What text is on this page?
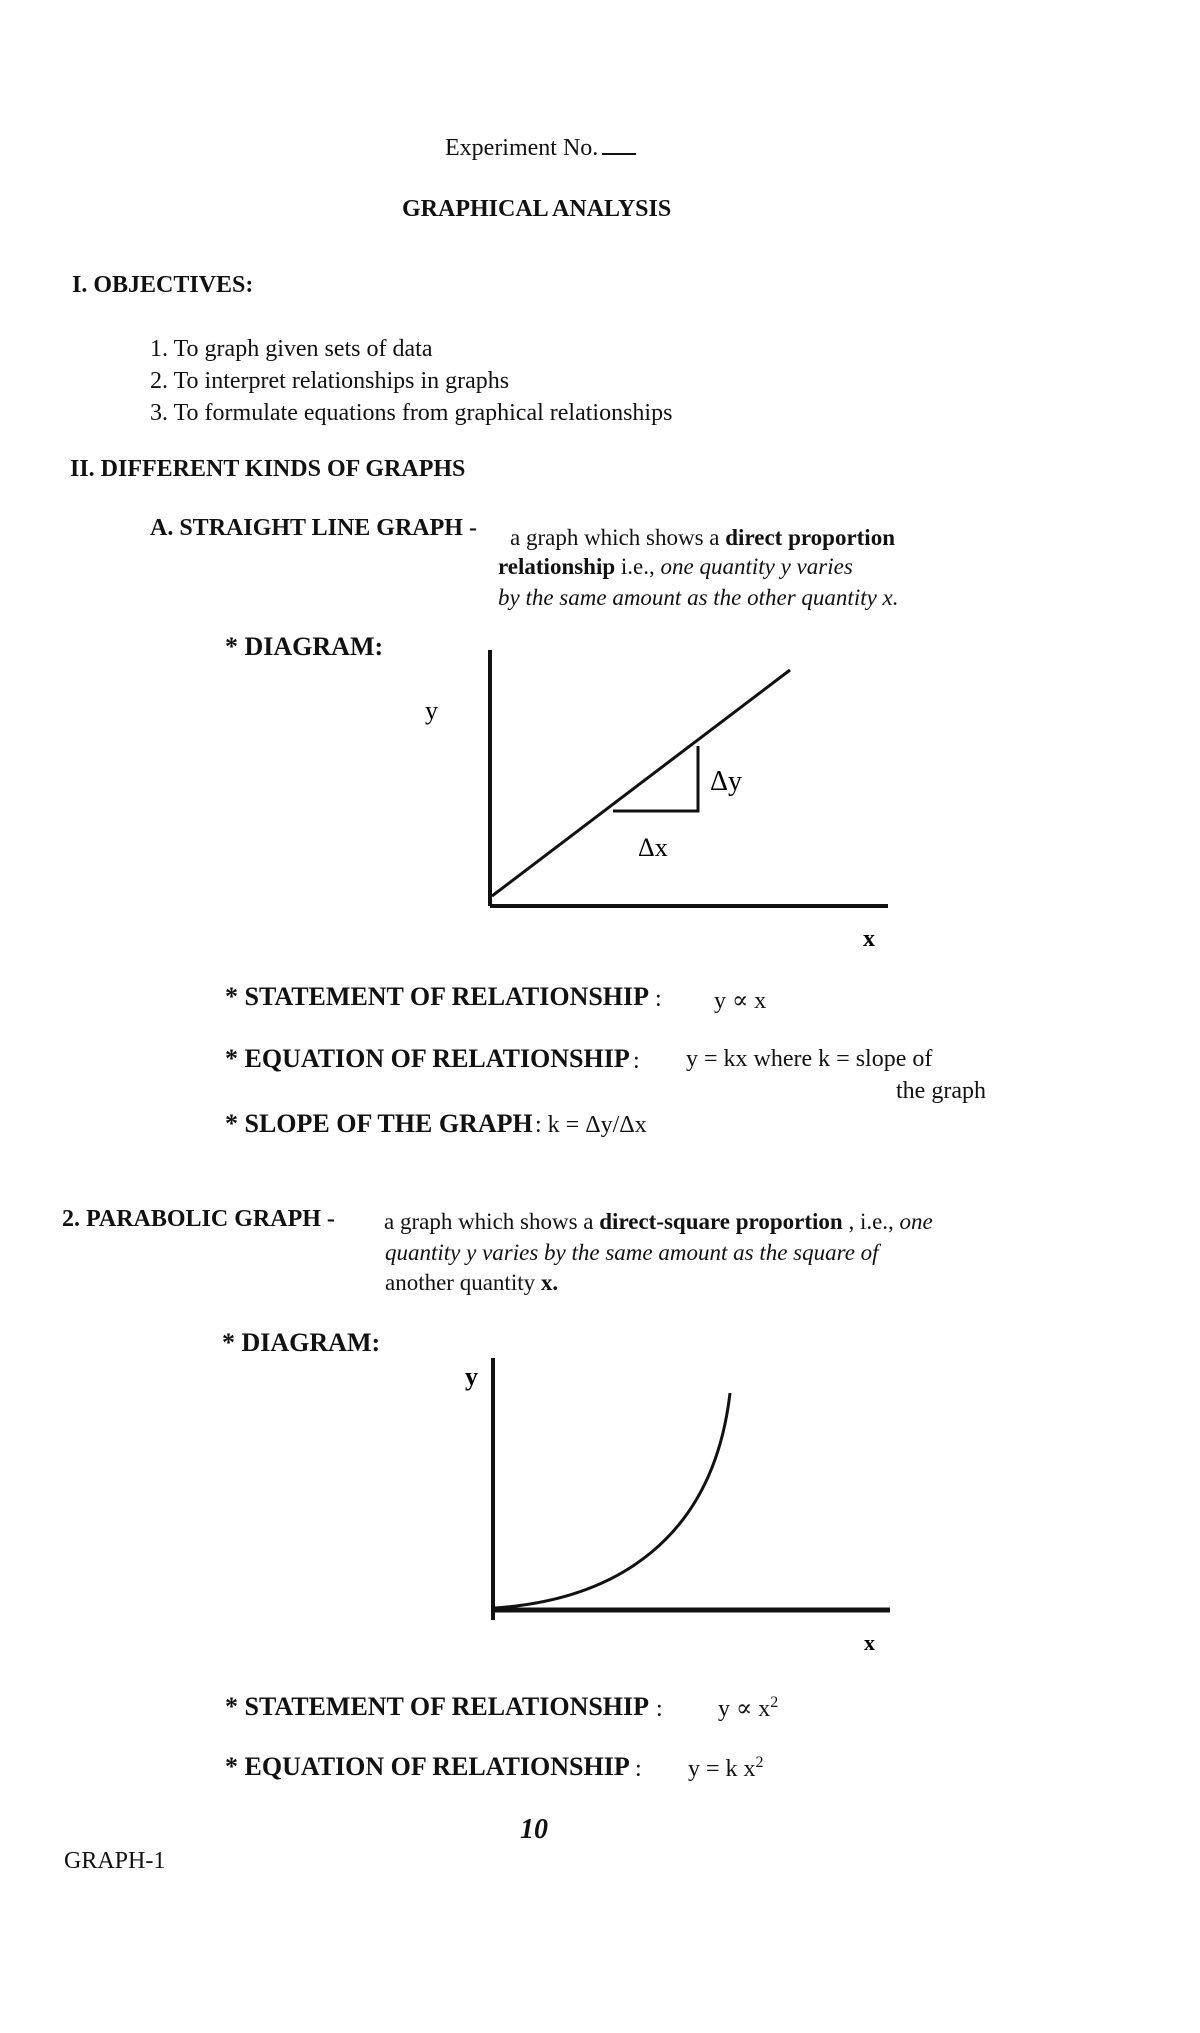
Experiment No.
GRAPHICAL ANALYSIS
I. OBJECTIVES:
1. To graph given sets of data
2. To interpret relationships in graphs
3. To formulate equations from graphical relationships
II. DIFFERENT KINDS OF GRAPHS
A. STRAIGHT LINE GRAPH - a graph which shows a direct proportion
relationship i.e., one quantity y varies
by the same amount as the other quantity x.
* DIAGRAM:
y
x
Δy
Δx
y
x
* STATEMENT OF RELATIONSHIP : y ∝ x
* EQUATION OF RELATIONSHIP : y = kx where k = slope of
the graph
* SLOPE OF THE GRAPH : k = Δy/Δx
2. PARABOLIC GRAPH - a graph which shows a direct-square proportion , i.e., one
quantity y varies by the same amount as the square of
another quantity x.
* DIAGRAM:
* STATEMENT OF RELATIONSHIP : $y \propto x^2$
* EQUATION OF RELATIONSHIP : y = k $x^2$
10
GRAPH-1
